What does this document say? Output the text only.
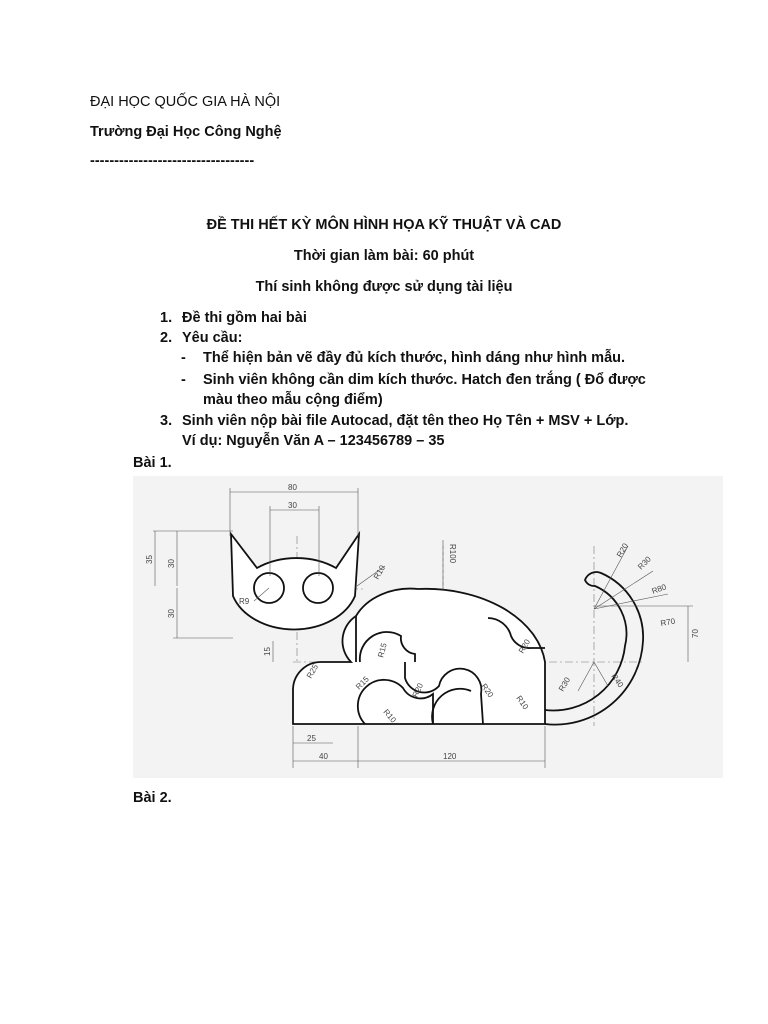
ĐẠI HỌC QUỐC GIA HÀ NỘI
Trường Đại Học Công Nghệ
----------------------------------
ĐỀ THI HẾT KỲ MÔN HÌNH HỌA KỸ THUẬT VÀ CAD
Thời gian làm bài: 60 phút
Thí sinh không được sử dụng tài liệu
1. Đề thi gồm hai bài
2. Yêu cầu:
- Thể hiện bản vẽ đầy đủ kích thước, hình dáng như hình mẫu.
- Sinh viên không cần dim kích thước. Hatch đen trắng ( Đổ được
màu theo mẫu cộng điểm)
3. Sinh viên nộp bài file Autocad, đặt tên theo Họ Tên + MSV + Lớp.
Ví dụ: Nguyễn Văn A – 123456789 – 35
Bài 1.
80
30
35 30
30
15
25
40	120
70
R9
R10
R100	R20
R30
R80
R70
R15	R20
R25
R15	R20	R20
R10
R10
R30	R40
Bài 2.
